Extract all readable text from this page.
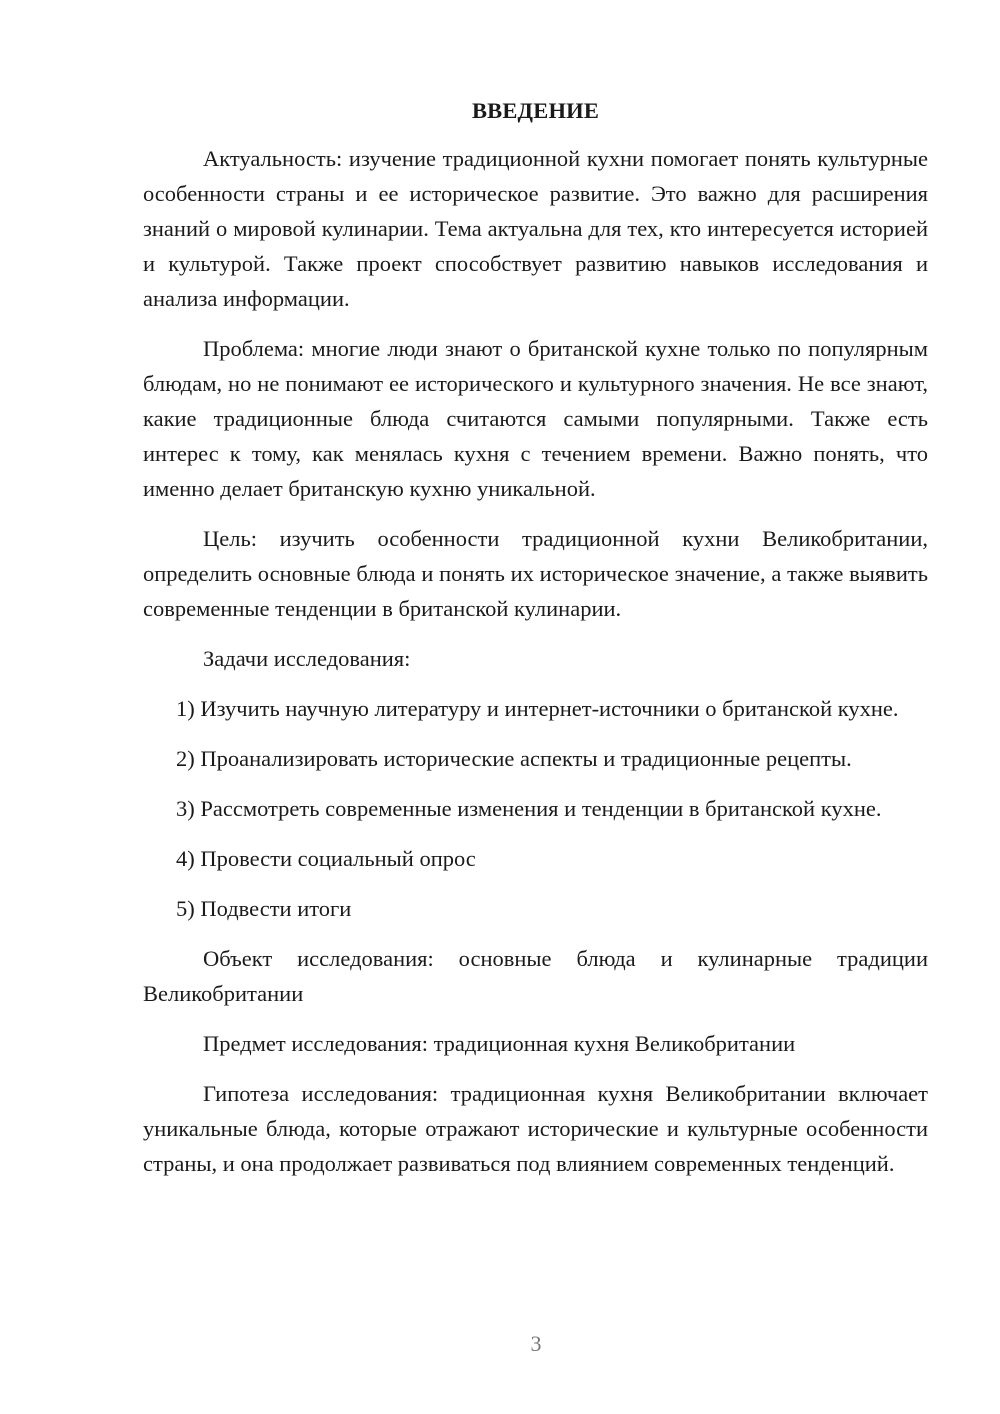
ВВЕДЕНИЕ

Актуальность: изучение традиционной кухни помогает понять культурные особенности страны и ее историческое развитие. Это важно для расширения знаний о мировой кулинарии. Тема актуальна для тех, кто интересуется историей и культурой. Также проект способствует развитию навыков исследования и анализа информации.

Проблема: многие люди знают о британской кухне только по популярным блюдам, но не понимают ее исторического и культурного значения. Не все знают, какие традиционные блюда считаются самыми популярными. Также есть интерес к тому, как менялась кухня с течением времени. Важно понять, что именно делает британскую кухню уникальной.

Цель: изучить особенности традиционной кухни Великобритании, определить основные блюда и понять их историческое значение, а также выявить современные тенденции в британской кулинарии.

Задачи исследования:

1) Изучить научную литературу и интернет-источники о британской кухне.

2) Проанализировать исторические аспекты и традиционные рецепты.

3) Рассмотреть современные изменения и тенденции в британской кухне.

4) Провести социальный опрос

5) Подвести итоги

Объект исследования: основные блюда и кулинарные традиции Великобритании

Предмет исследования: традиционная кухня Великобритании

Гипотеза исследования: традиционная кухня Великобритании включает уникальные блюда, которые отражают исторические и культурные особенности страны, и она продолжает развиваться под влиянием современных тенденций.

3
